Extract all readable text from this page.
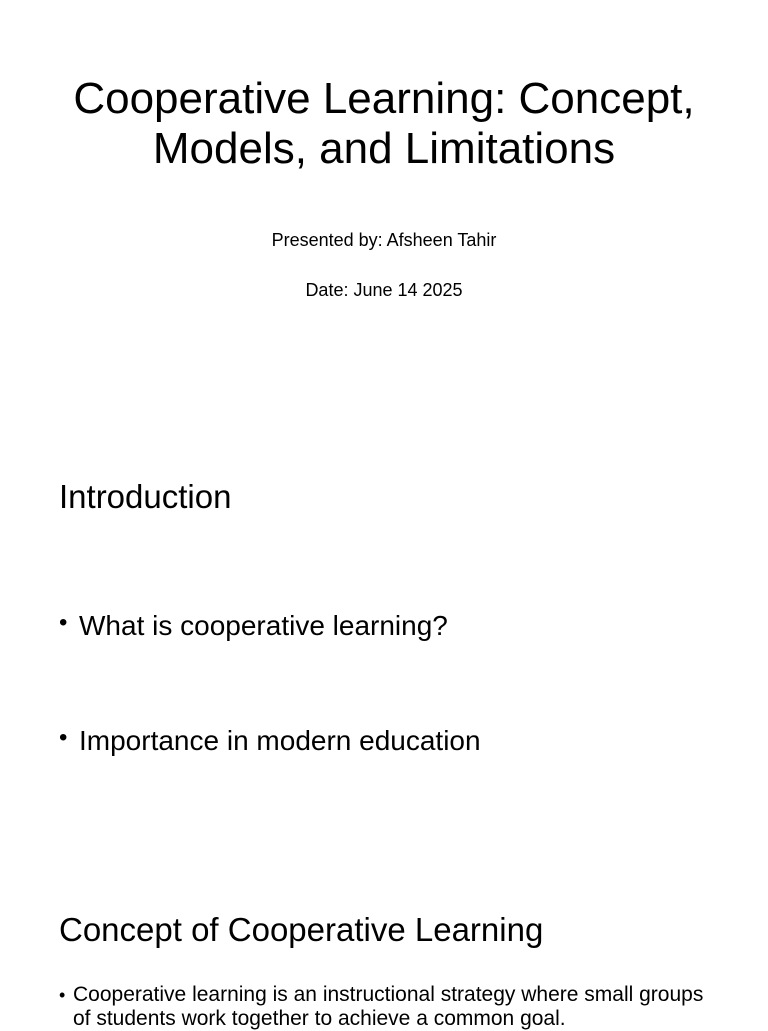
Cooperative Learning: Concept, Models, and Limitations
Presented by: Afsheen Tahir
Date: June 14 2025
Introduction
• What is cooperative learning?
• Importance in modern education
Concept of Cooperative Learning
• Cooperative learning is an instructional strategy where small groups of students work together to achieve a common goal.
